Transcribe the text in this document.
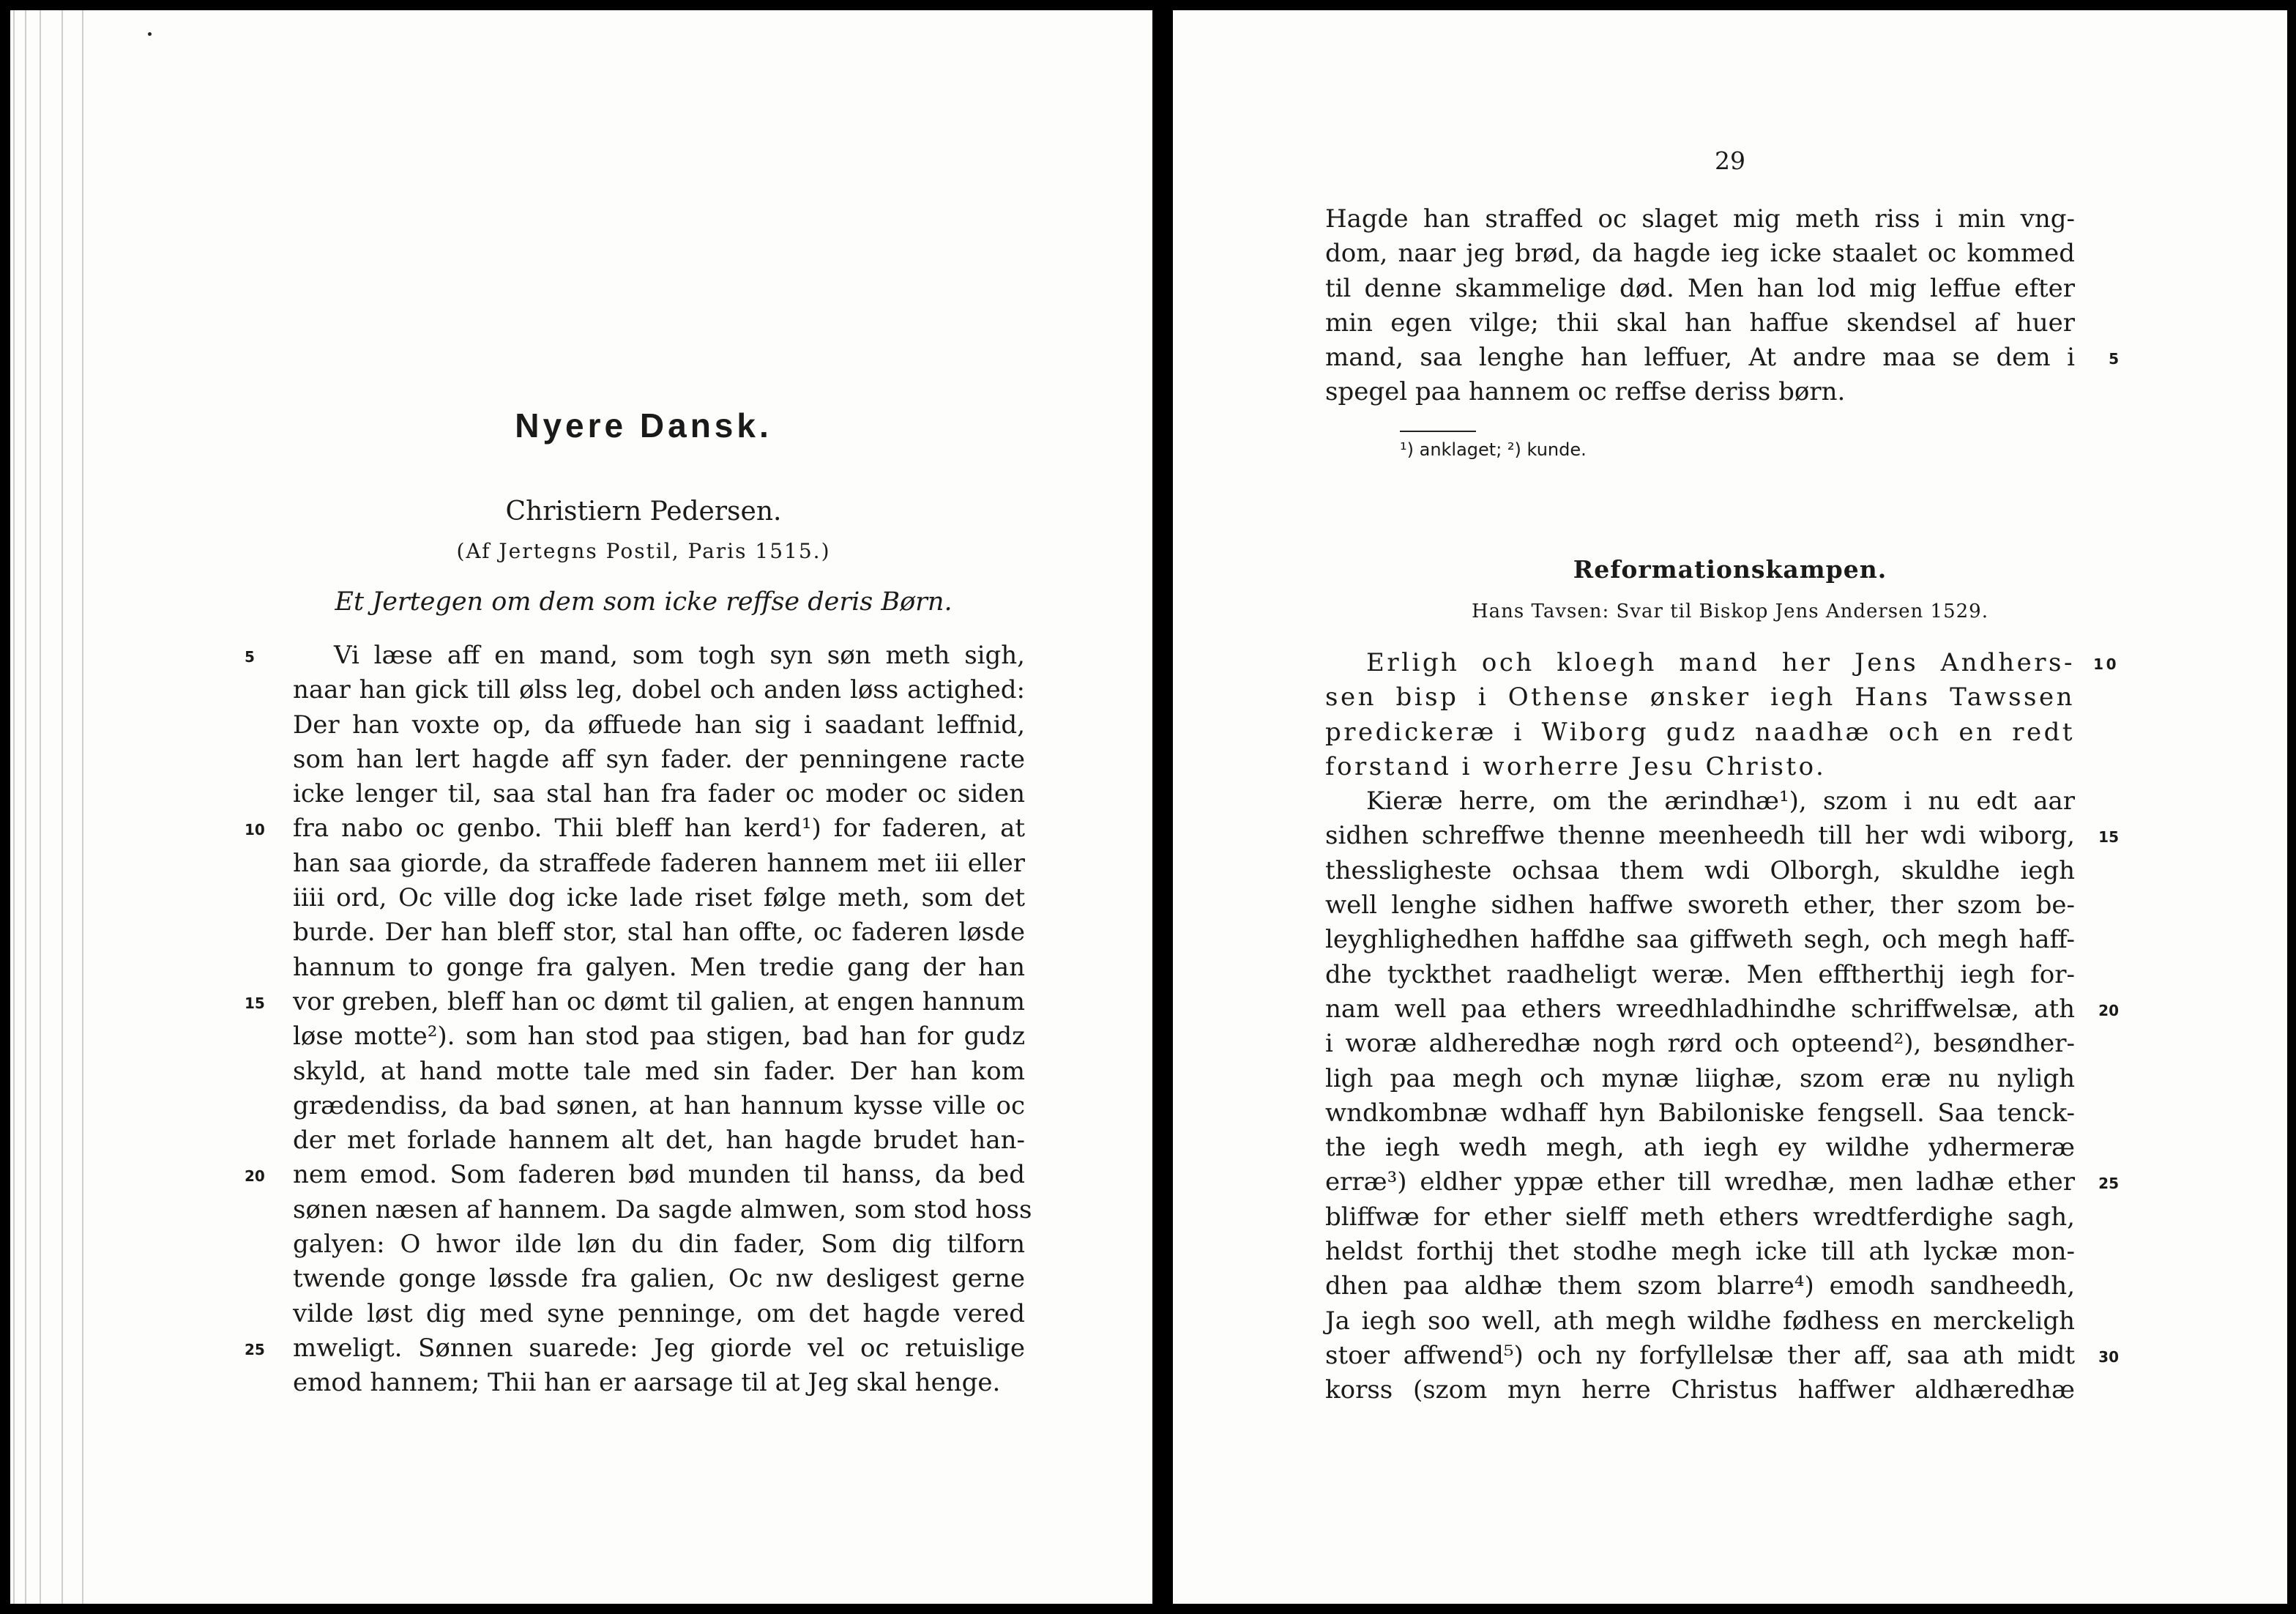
Nyere Dansk.
Christiern Pedersen.
(Af Jertegns Postil, Paris 1515.)
Et Jertegen om dem som icke reffse deris Børn.
5	Vi læse aff en mand, som togh syn søn meth sigh,
naar han gick till ølss leg, dobel och anden løss actighed:
Der han voxte op, da øffuede han sig i saadant leffnid,
som han lert hagde aff syn fader. der penningene racte
icke lenger til, saa stal han fra fader oc moder oc siden
10 fra nabo oc genbo. Thii bleff han kerd¹) for faderen, at
han saa giorde, da straffede faderen hannem met iii eller
iiii ord, Oc ville dog icke lade riset følge meth, som det
burde. Der han bleff stor, stal han offte, oc faderen løsde
hannum to gonge fra galyen. Men tredie gang der han
15 vor greben, bleff han oc dømt til galien, at engen hannum
løse motte²). som han stod paa stigen, bad han for gudz
skyld, at hand motte tale med sin fader. Der han kom
grædendiss, da bad sønen, at han hannum kysse ville oc
der met forlade hannem alt det, han hagde brudet han-
20 nem emod. Som faderen bød munden til hanss, da bed
sønen næsen af hannem. Da sagde almwen, som stod hoss
galyen: O hwor ilde løn du din fader, Som dig tilforn
twende gonge løssde fra galien, Oc nw desligest gerne
vilde løst dig med syne penninge, om det hagde vered
25 mweligt. Sønnen suarede: Jeg giorde vel oc retuislige
emod hannem; Thii han er aarsage til at Jeg skal henge.
29
Hagde han straffed oc slaget mig meth riss i min vng-
dom, naar jeg brød, da hagde ieg icke staalet oc kommed
til denne skammelige død. Men han lod mig leffue efter
min egen vilge; thii skal han haffue skendsel af huer
5
mand, saa lenghe han leffuer, At andre maa se dem i
spegel paa hannem oc reffse deriss børn.
¹) anklaget; ²) kunde.
Reformationskampen.
Hans Tavsen: Svar til Biskop Jens Andersen 1529.
10
Erligh och kloegh mand her Jens Andhers-
sen bisp i Othense ønsker iegh Hans Tawssen
predickeræ i Wiborg gudz naadhæ och en redt
forstand i worherre Jesu Christo.
Kieræ herre, om the ærindhæ¹), szom i nu edt aar
15
sidhen schreffwe thenne meenheedh till her wdi wiborg,
thessligheste ochsaa them wdi Olborgh, skuldhe iegh
well lenghe sidhen haffwe sworeth ether, ther szom be-
leyghlighedhen haffdhe saa giffweth segh, och megh haff-
dhe tyckthet raadheligt weræ. Men efftherthij iegh for-
20
nam well paa ethers wreedhladhindhe schriffwelsæ, ath
i woræ aldheredhæ nogh rørd och opteend²), besøndher-
ligh paa megh och mynæ liighæ, szom eræ nu nyligh
wndkombnæ wdhaff hyn Babiloniske fengsell. Saa tenck-
the iegh wedh megh, ath iegh ey wildhe ydhermeræ
25
erræ³) eldher yppæ ether till wredhæ, men ladhæ ether
bliffwæ for ether sielff meth ethers wredtferdighe sagh,
heldst forthij thet stodhe megh icke till ath lyckæ mon-
dhen paa aldhæ them szom blarre⁴) emodh sandheedh,
Ja iegh soo well, ath megh wildhe fødhess en merckeligh
30
stoer affwend⁵) och ny forfyllelsæ ther aff, saa ath midt
korss (szom myn herre Christus haffwer aldhæredhæ
